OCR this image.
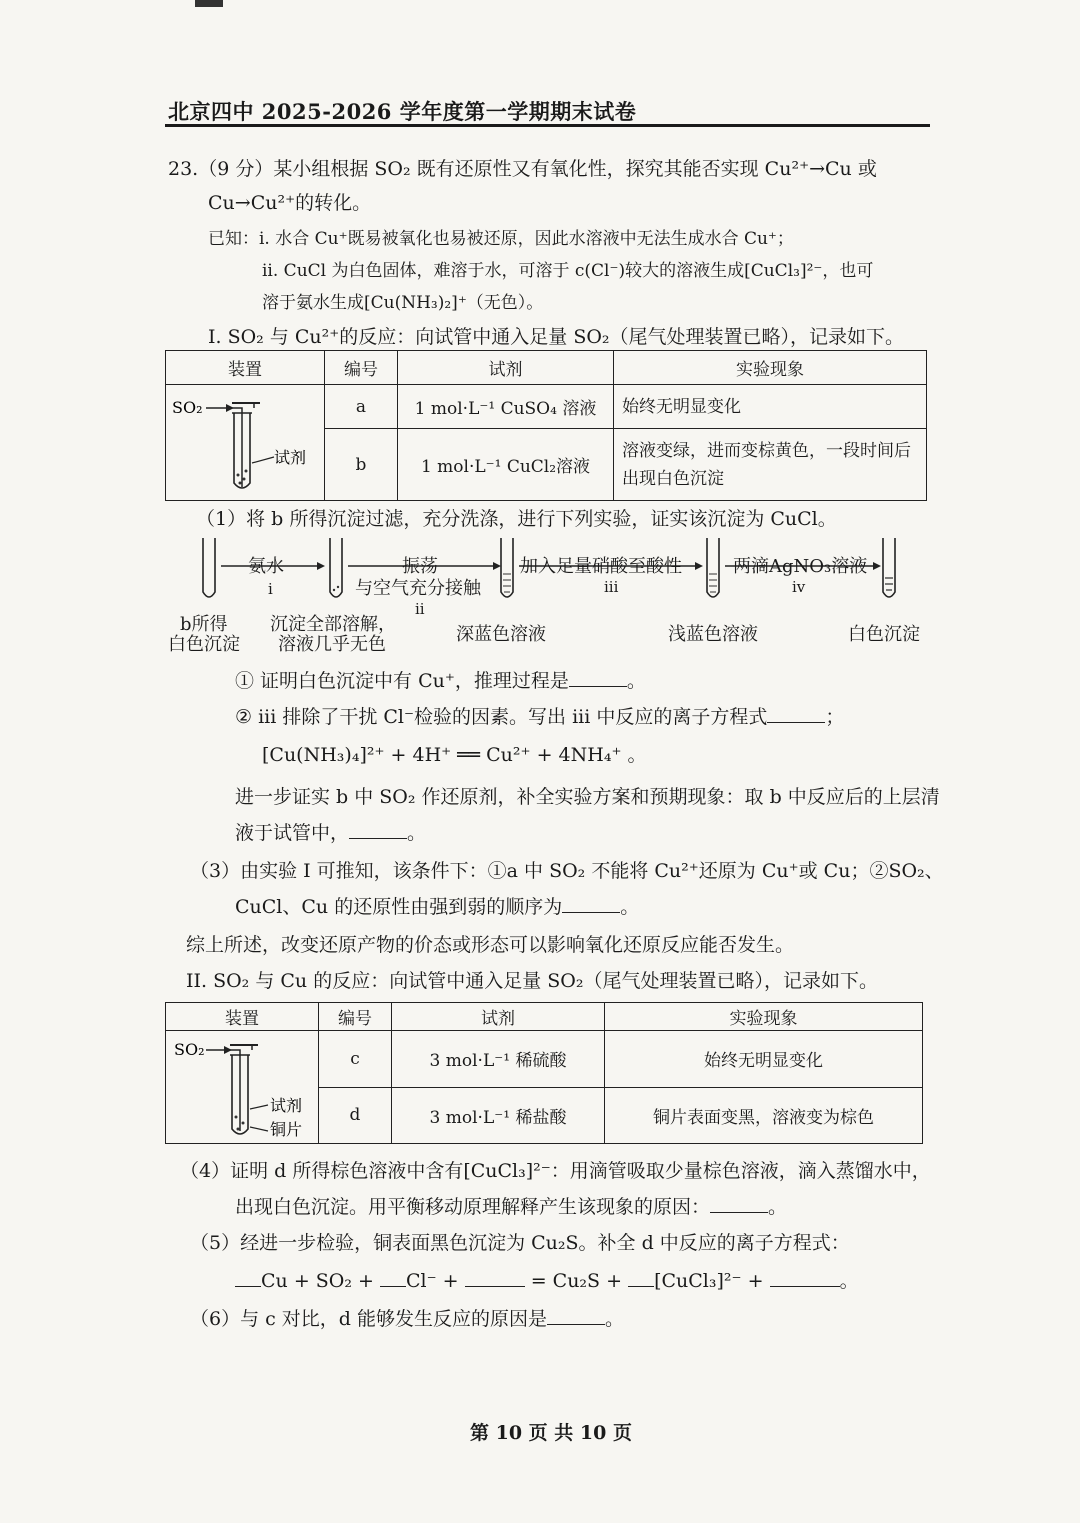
北京四中 2025-2026 学年度第一学期期末试卷
23.（9 分）某小组根据 SO₂ 既有还原性又有氧化性，探究其能否实现 Cu²⁺→Cu 或
Cu→Cu²⁺的转化。
已知：i. 水合 Cu⁺既易被氧化也易被还原，因此水溶液中无法生成水合 Cu⁺；
ii. CuCl 为白色固体，难溶于水，可溶于 c(Cl⁻)较大的溶液生成[CuCl₃]²⁻，也可
溶于氨水生成[Cu(NH₃)₂]⁺（无色）。
I. SO₂ 与 Cu²⁺的反应：向试管中通入足量 SO₂（尾气处理装置已略），记录如下。
装置	编号	试剂	实验现象

SO₂
试剂	a	1 mol·L⁻¹ CuSO₄ 溶液	始终无明显变化
	b	1 mol·L⁻¹ CuCl₂溶液	溶液变绿，进而变棕黄色，一段时间后出现白色沉淀
（1）将 b 所得沉淀过滤，充分洗涤，进行下列实验，证实该沉淀为 CuCl。
氨水
i
振荡
与空气充分接触
ii
加入足量硝酸至酸性
iii
两滴AgNO₃溶液
iv
b所得
白色沉淀
沉淀全部溶解，
溶液几乎无色	深蓝色溶液	浅蓝色溶液	白色沉淀
① 证明白色沉淀中有 Cu⁺，推理过程是	。
② iii 排除了干扰 Cl⁻检验的因素。写出 iii 中反应的离子方程式	；
[Cu(NH₃)₄]²⁺ + 4H⁺ ══ Cu²⁺ + 4NH₄⁺ 。
进一步证实 b 中 SO₂ 作还原剂，补全实验方案和预期现象：取 b 中反应后的上层清
液于试管中，	。
（3）由实验 I 可推知，该条件下：①a 中 SO₂ 不能将 Cu²⁺还原为 Cu⁺或 Cu；②SO₂、
CuCl、Cu 的还原性由强到弱的顺序为	。
综上所述，改变还原产物的价态或形态可以影响氧化还原反应能否发生。
II. SO₂ 与 Cu 的反应：向试管中通入足量 SO₂（尾气处理装置已略），记录如下。
装置	编号	试剂	实验现象

SO₂
试剂
铜片	c	3 mol·L⁻¹ 稀硫酸	始终无明显变化
	d	3 mol·L⁻¹ 稀盐酸	铜片表面变黑，溶液变为棕色
（4）证明 d 所得棕色溶液中含有[CuCl₃]²⁻：用滴管吸取少量棕色溶液，滴入蒸馏水中，
出现白色沉淀。用平衡移动原理解释产生该现象的原因：	。
（5）经进一步检验，铜表面黑色沉淀为 Cu₂S。补全 d 中反应的离子方程式：
Cu + SO₂ + Cl⁻ +	= Cu₂S + [CuCl₃]²⁻ +	。
（6）与 c 对比，d 能够发生反应的原因是	。
第 10 页 共 10 页
